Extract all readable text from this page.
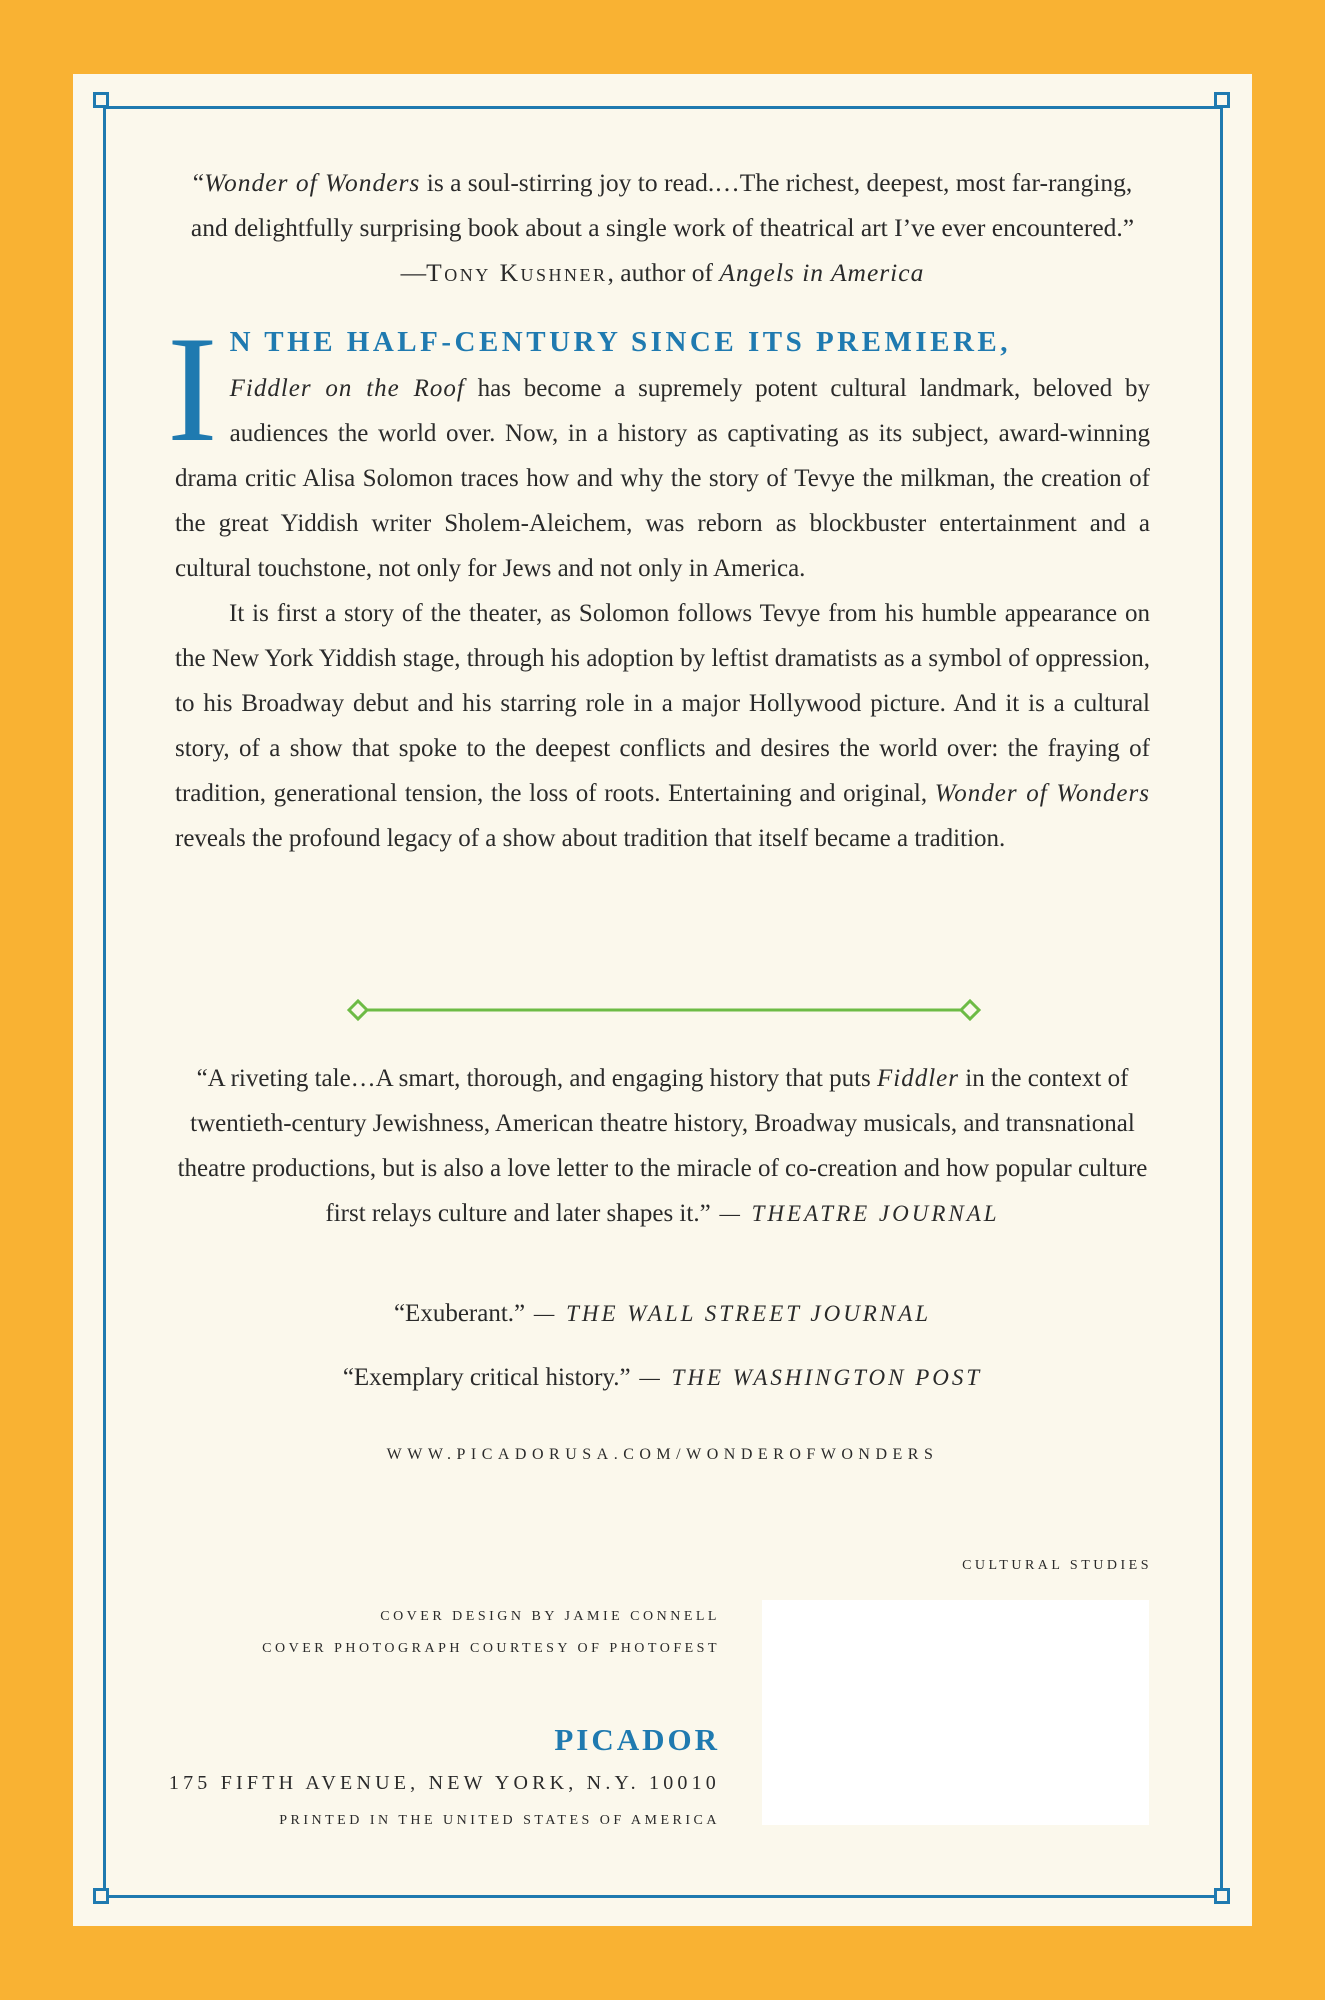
“Wonder of Wonders is a soul-stirring joy to read.…The richest, deepest, most far-ranging, and delightfully surprising book about a single work of theatrical art I’ve ever encountered.” —Tony Kushner, author of Angels in America

I N THE HALF-CENTURY SINCE ITS PREMIERE,
Fiddler on the Roof has become a supremely potent cultural landmark, beloved by audiences the world over. Now, in a history as captivating as its subject, award-winning drama critic Alisa Solomon traces how and why the story of Tevye the milkman, the creation of the great Yiddish writer Sholem-Aleichem, was reborn as blockbuster entertainment and a cultural touchstone, not only for Jews and not only in America.

It is first a story of the theater, as Solomon follows Tevye from his humble appearance on the New York Yiddish stage, through his adoption by leftist dramatists as a symbol of oppression, to his Broadway debut and his starring role in a major Hollywood picture. And it is a cultural story, of a show that spoke to the deepest conflicts and desires the world over: the fraying of tradition, generational tension, the loss of roots. Entertaining and original, Wonder of Wonders reveals the profound legacy of a show about tradition that itself became a tradition.

“A riveting tale…A smart, thorough, and engaging history that puts Fiddler in the context of twentieth-century Jewishness, American theatre history, Broadway musicals, and transnational theatre productions, but is also a love letter to the miracle of co-creation and how popular culture first relays culture and later shapes it.” — THEATRE JOURNAL
“Exuberant.” — THE WALL STREET JOURNAL
“Exemplary critical history.” — THE WASHINGTON POST
WWW.PICADORUSA.COM/WONDEROFWONDERS
CULTURAL STUDIES
COVER DESIGN BY JAMIE CONNELL
COVER PHOTOGRAPH COURTESY OF PHOTOFEST
PICADOR
175 FIFTH AVENUE, NEW YORK, N.Y. 10010
PRINTED IN THE UNITED STATES OF AMERICA
